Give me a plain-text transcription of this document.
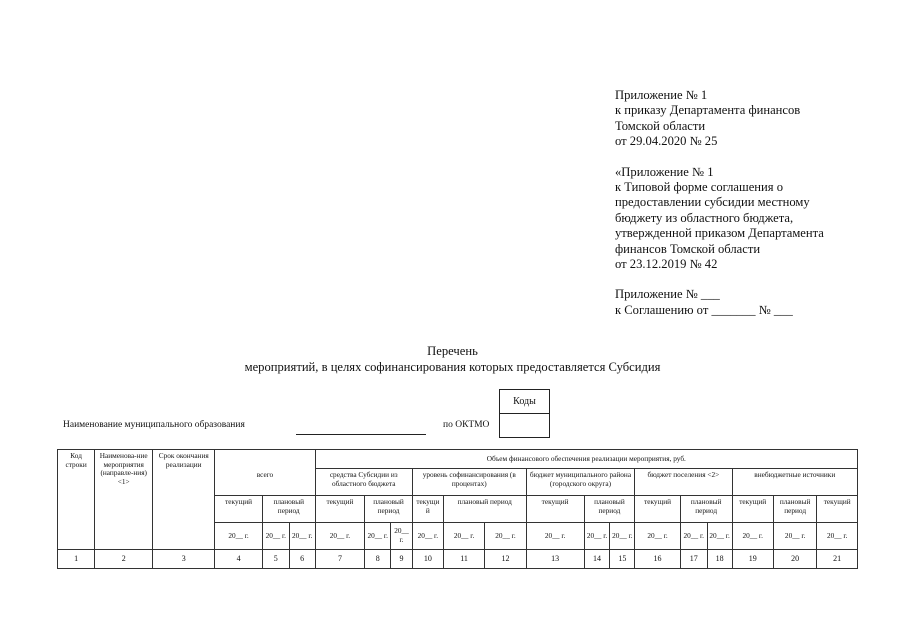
Приложение № 1
к приказу Департамента финансов
Томской области
от 29.04.2020 № 25
«Приложение № 1
к Типовой форме соглашения о
предоставлении субсидии местному
бюджету из областного бюджета,
утвержденной приказом Департамента
финансов Томской области
от 23.12.2019 № 42
Приложение № ___
к Соглашению от _______ № ___
Перечень
мероприятий, в целях софинансирования которых предоставляется Субсидия
Коды
Наименование муниципального образования	по ОКТМО
Код строки	Наименова-ние мероприятия (направле-ния) <1>	Срок окончания реализации				Объем финансового обеспечения реализации мероприятия, руб.														
			всего			средства Субсидии из областного бюджета			уровень софинансирования (в процентах)			бюджет муниципального района (городского округа)			бюджет поселения <2>			внебюджетные источники		
			текущий	плановый период		текущий	плановый период		текущи й	плановый период		текущий	плановый период		текущий	плановый период		текущий	плановый период	текущий
			20__ г.	20__ г.	20__ г.	20__ г.	20__ г.	20__ г.	20__ г.	20__ г.	20__ г.	20__ г.	20__ г.	20__ г.	20__ г.	20__ г.	20__ г.	20__ г.	20__ г.	20__ г.
1	2	3	4	5	6	7	8	9	10	11	12	13	14	15	16	17	18	19	20	21
